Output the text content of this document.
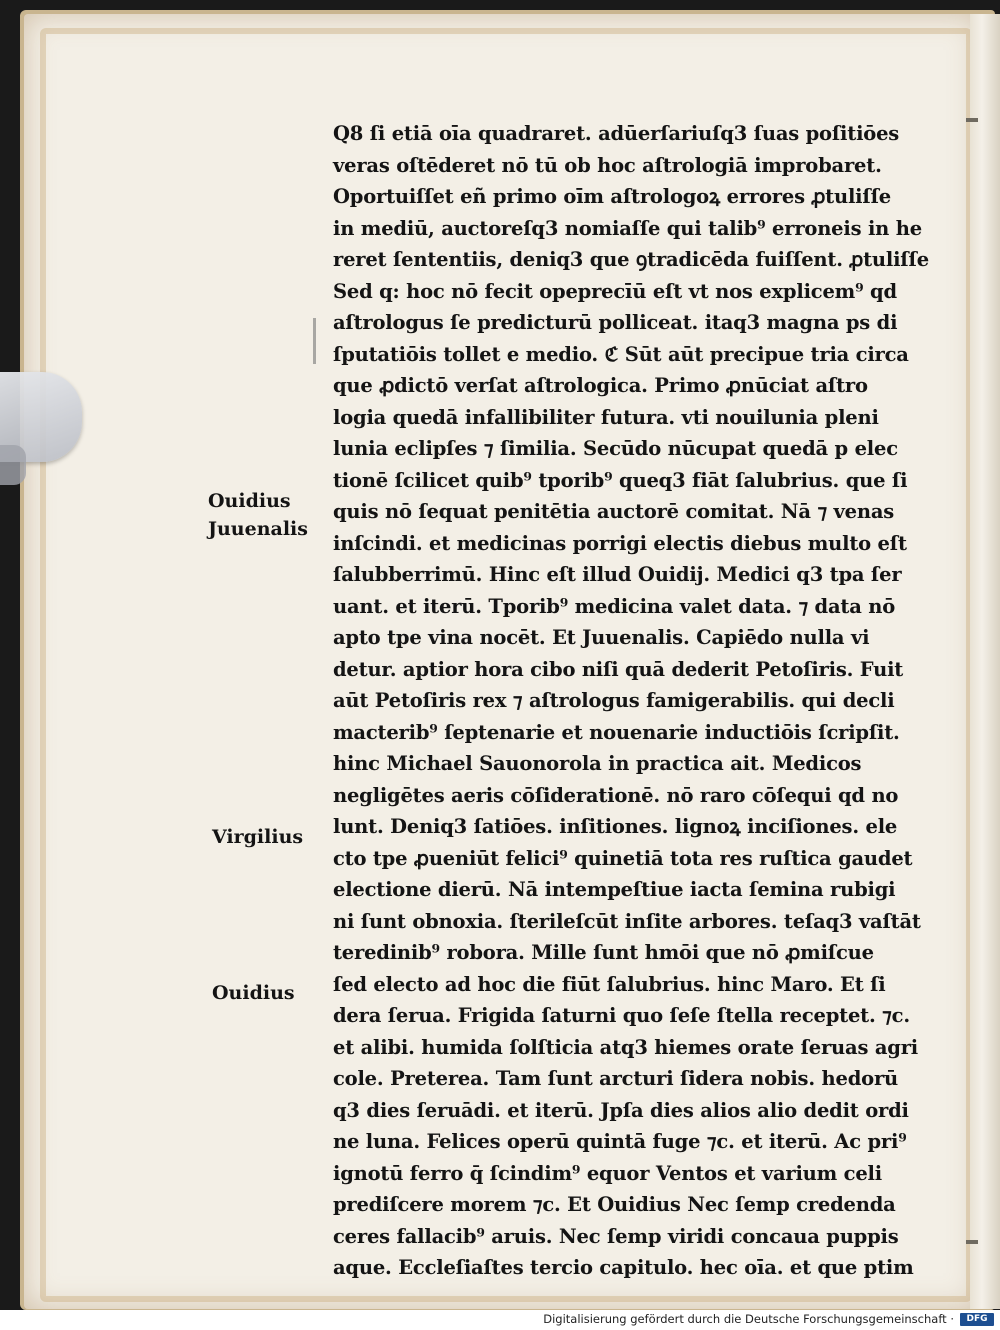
Q8 ſi etiā oīa quadraret. adūerſariuſq3 ſuas poſitiōes
veras oſtēderet nō tū ob hoc aſtrologiā improbaret.
Oportuiſſet eñ primo oīm aſtrologoꝝ errores ꝓtuliſſe
in mediū, auctoreſq3 nomiaſſe qui talib⁹ erroneis in he
reret ſententiis, deniq3 que ꝯtradicēda fuiſſent. ꝓtuliſſe
Sed q: hoc nō fecit opeprecīū eſt vt nos explicem⁹ qd
aſtrologus ſe predicturū polliceat. itaq3 magna ps di
ſputatiōis tollet e medio. ℭ Sūt aūt precipue tria circa
que ꝓdictō verſat aſtrologica. Primo ꝓnūciat aſtro
logia quedā infallibiliter futura. vti nouilunia pleni
lunia eclipſes ⁊ ſimilia. Secūdo nūcupat quedā p elec
tionē ſcilicet quib⁹ tporib⁹ queq3 fiāt ſalubrius. que ſi
quis nō ſequat penitētia auctorē comitat. Nā ⁊ venas
inſcindi. et medicinas porrigi electis diebus multo eſt
ſalubberrimū. Hinc eſt illud Ouidij. Medici q3 tpa ſer
uant. et iterū. Tporib⁹ medicina valet data. ⁊ data nō
apto tpe vina nocēt. Et Juuenalis. Capiēdo nulla vi
detur. aptior hora cibo niſi quā dederit Petoſiris. Fuit
aūt Petoſiris rex ⁊ aſtrologus famigerabilis. qui decli
macterib⁹ ſeptenarie et nouenarie inductiōis ſcripſit.
hinc Michael Sauonorola in practica ait. Medicos
negligētes aeris cōſiderationē. nō raro cōſequi qd no
lunt. Deniq3 ſatiōes. inſitiones. lignoꝝ inciſiones. ele
cto tpe ꝓueniūt felici⁹ quinetiā tota res ruſtica gaudet
electione dierū. Nā intempeſtiue iacta ſemina rubigi
ni ſunt obnoxia. ſterileſcūt inſite arbores. teſaq3 vaſtāt
teredinib⁹ robora. Mille ſunt hmōi que nō ꝓmiſcue
ſed electo ad hoc die fiūt ſalubrius. hinc Maro. Et ſi
dera ſerua. Frigida ſaturni quo ſeſe ſtella receptet. ⁊c.
et alibi. humida ſolſticia atq3 hiemes orate ſeruas agri
cole. Preterea. Tam ſunt arcturi ſidera nobis. hedorū
q3 dies ſeruādi. et iterū. Jpſa dies alios alio dedit ordi
ne luna. Felices operū quintā fuge ⁊c. et iterū. Ac pri⁹
ignotū ferro q̄ ſcindim⁹ equor Ventos et varium celi
prediſcere morem ⁊c. Et Ouidius Nec ſemp credenda
ceres fallacib⁹ aruis. Nec ſemp viridi concaua puppis
aque. Eccleſiaſtes tercio capitulo. hec oīa. et que ptim
Ouidius
Juuenalis
Virgilius
Ouidius
Digitalisierung gefördert durch die Deutsche Forschungsgemeinschaft ·	DFG
